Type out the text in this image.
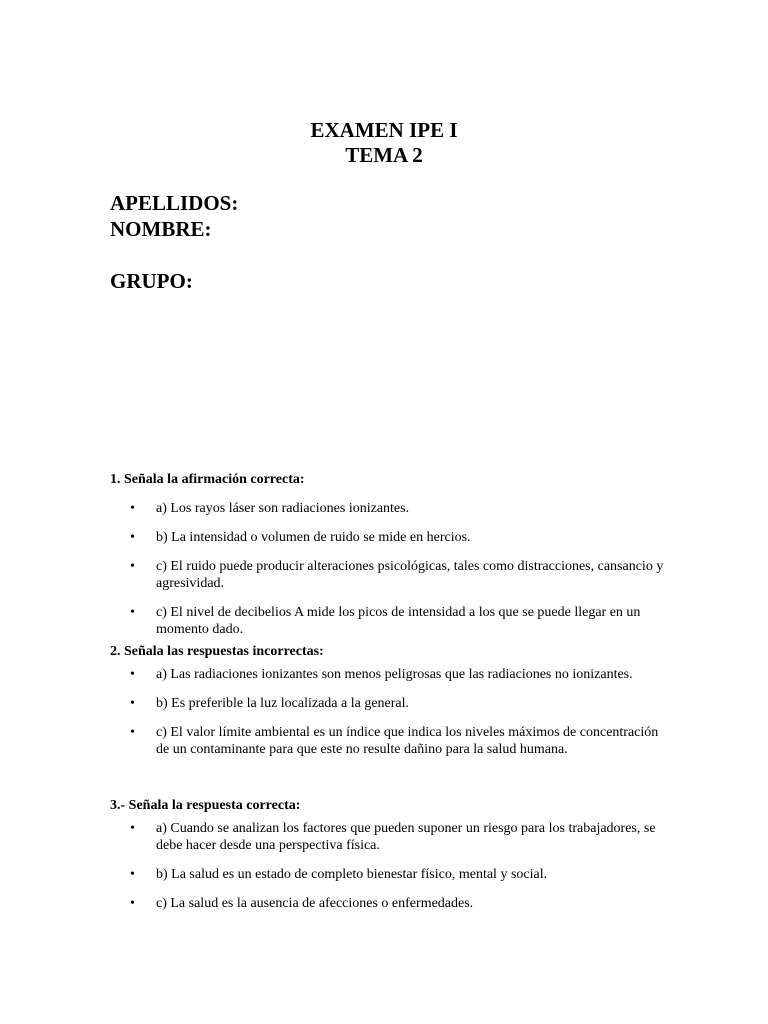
EXAMEN IPE I
TEMA 2
APELLIDOS:
NOMBRE:
GRUPO:
1. Señala la afirmación correcta:
• a) Los rayos láser son radiaciones ionizantes.
• b) La intensidad o volumen de ruido se mide en hercios.
• c) El ruido puede producir alteraciones psicológicas, tales como distracciones, cansancio y agresividad.
• c) El nivel de decibelios A mide los picos de intensidad a los que se puede llegar en un momento dado.
2. Señala las respuestas incorrectas:
• a) Las radiaciones ionizantes son menos peligrosas que las radiaciones no ionizantes.
• b) Es preferible la luz localizada a la general.
• c) El valor límite ambiental es un índice que indica los niveles máximos de concentración de un contaminante para que este no resulte dañino para la salud humana.
3.- Señala la respuesta correcta:
• a) Cuando se analizan los factores que pueden suponer un riesgo para los trabajadores, se debe hacer desde una perspectiva física.
• b) La salud es un estado de completo bienestar físico, mental y social.
• c) La salud es la ausencia de afecciones o enfermedades.
